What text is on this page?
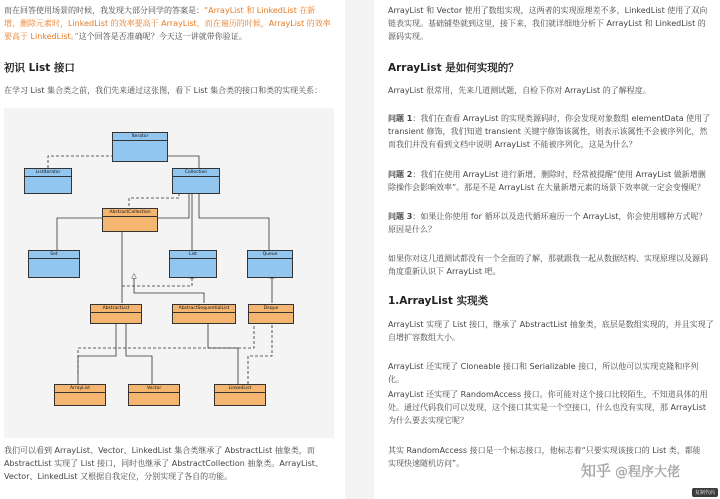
而在回答使用场景的时候，我发现大部分同学的答案是：“ArrayList 和 LinkedList 在新
增、删除元素时，LinkedList 的效率要高于 ArrayList，而在遍历的时候，ArrayList 的效率
要高于 LinkedList。”这个回答是否准确呢？今天这一讲就带你验证。

初识 List 接口

在学习 List 集合类之前，我们先来通过这张图，看下 List 集合类的接口和类的实现关系：

Iterator
ListIterator	Collection
AbstractCollection
Set	List	Queue
AbstractList	AbstractSequentialList	Deque
ArrayList	Vector	LinkedList

我们可以看到 ArrayList、Vector、LinkedList 集合类继承了 AbstractList 抽象类，而
AbstractList 实现了 List 接口，同时也继承了 AbstractCollection 抽象类。ArrayList、
Vector、LinkedList 又根据自我定位，分别实现了各自的功能。

ArrayList 和 Vector 使用了数组实现，这两者的实现原理差不多，LinkedList 使用了双向
链表实现。基础铺垫就到这里，接下来，我们就详细地分析下 ArrayList 和 LinkedList 的
源码实现。

ArrayList 是如何实现的？

ArrayList 很常用，先来几道测试题，自检下你对 ArrayList 的了解程度。

问题 1：我们在查看 ArrayList 的实现类源码时，你会发现对象数组 elementData 使用了
transient 修饰，我们知道 transient 关键字修饰该属性，则表示该属性不会被序列化，然
而我们并没有看到文档中说明 ArrayList 不能被序列化，这是为什么？

问题 2：我们在使用 ArrayList 进行新增、删除时，经常被提醒“使用 ArrayList 做新增删
除操作会影响效率”。那是不是 ArrayList 在大量新增元素的场景下效率就一定会变慢呢？

问题 3：如果让你使用 for 循环以及迭代循环遍历一个 ArrayList，你会使用哪种方式呢？
原因是什么？

如果你对这几道测试都没有一个全面的了解，那就跟我一起从数据结构、实现原理以及源码
角度重新认识下 ArrayList 吧。

1.ArrayList 实现类

ArrayList 实现了 List 接口，继承了 AbstractList 抽象类，底层是数组实现的，并且实现了
自增扩容数组大小。

ArrayList 还实现了 Cloneable 接口和 Serializable 接口，所以他可以实现克隆和序列化。

ArrayList 还实现了 RandomAccess 接口。你可能对这个接口比较陌生，不知道具体的用
处。通过代码我们可以发现，这个接口其实是一个空接口，什么也没有实现，那 ArrayList
为什么要去实现它呢？

其实 RandomAccess 接口是一个标志接口，他标志着“只要实现该接口的 List 类，都能
实现快速随机访问”。	知乎 @程序大佬
复制代码
